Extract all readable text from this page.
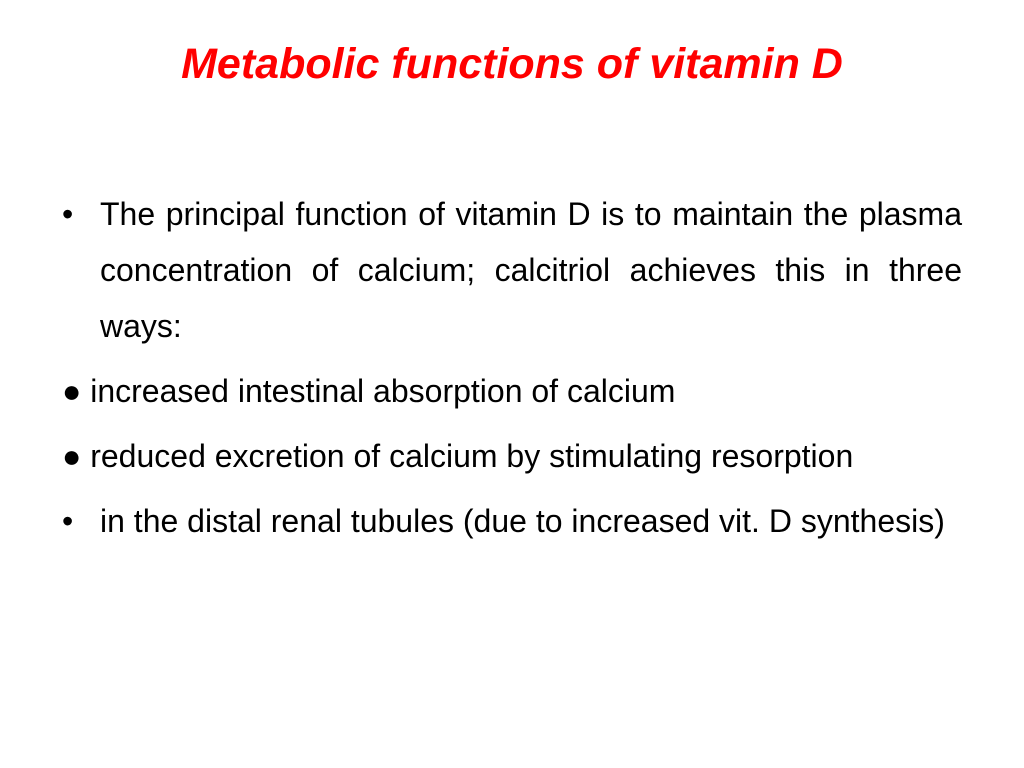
Metabolic functions of vitamin D
• The principal function of vitamin D is to maintain the plasma concentration of calcium; calcitriol achieves this in three ways:

● increased intestinal absorption of calcium

● reduced excretion of calcium by stimulating resorption

• in the distal renal tubules (due to increased vit. D synthesis)
